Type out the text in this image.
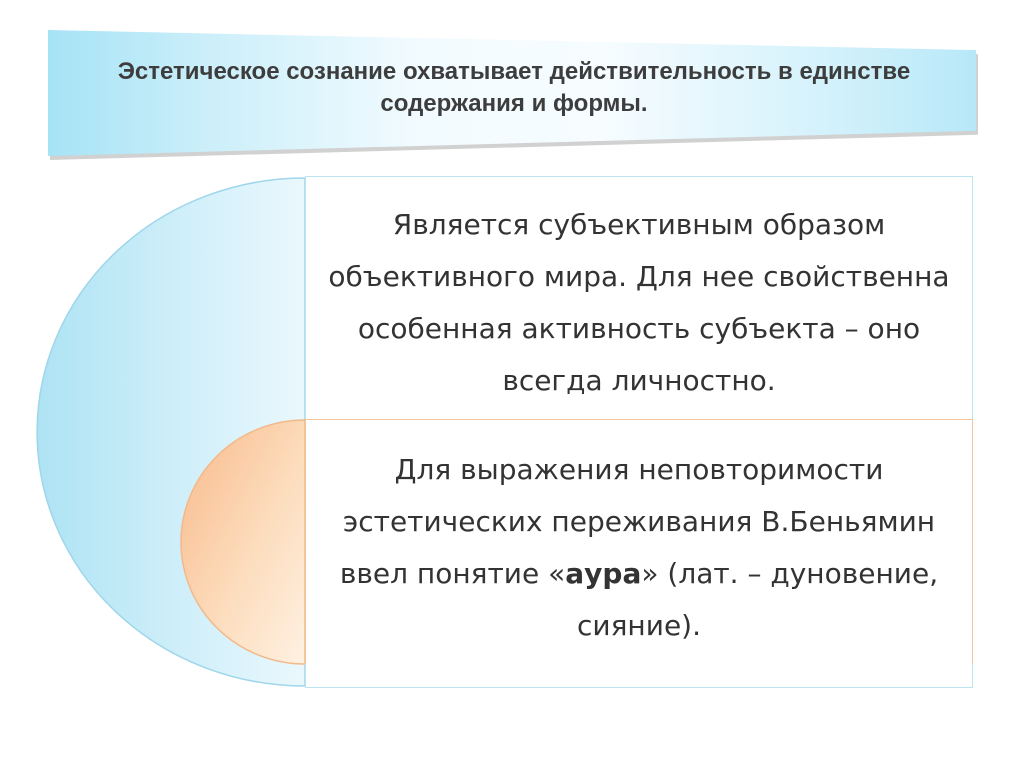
Эстетическое сознание охватывает действительность в единстве содержания и формы.
Является субъективным образом объективного мира. Для нее свойственна особенная активность субъекта – оно всегда личностно.
Для выражения неповторимости эстетических переживания В.Беньямин ввел понятие «аура» (лат. – дуновение, сияние).
